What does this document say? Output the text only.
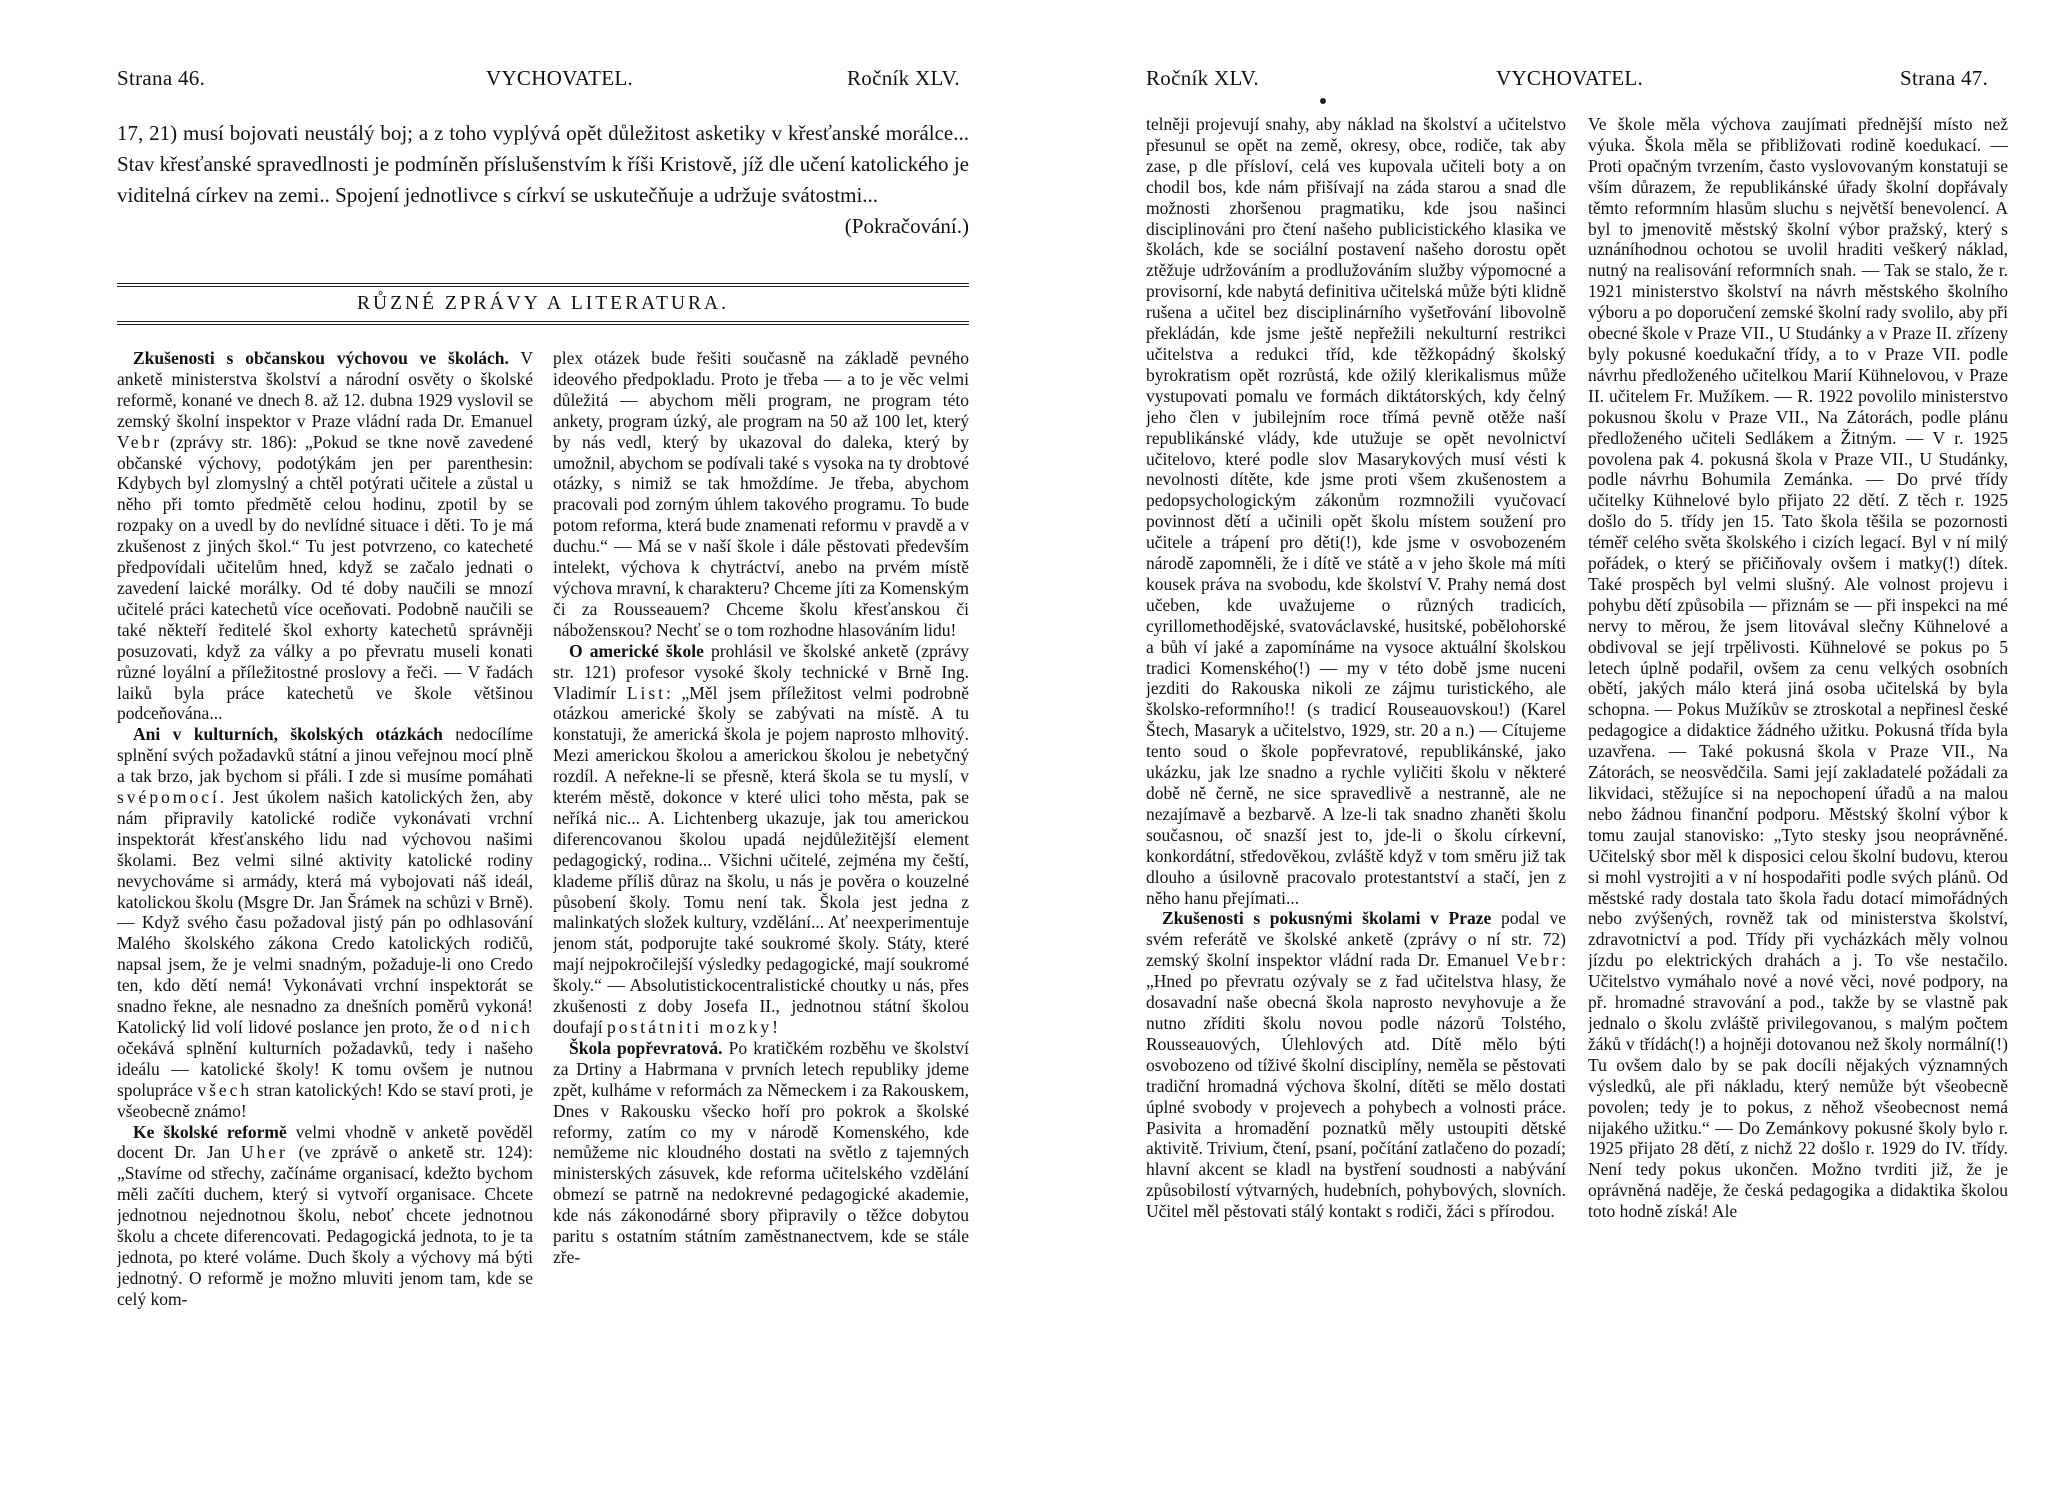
Strana 46.	VYCHOVATEL.	Ročník XLV.
17, 21) musí bojovati neustálý boj; a z toho vyplývá opět důležitost asketiky v křesťanské morálce... Stav křesťanské spravedlnosti je podmíněn příslušenstvím k říši Kristově, jíž dle učení katolického je viditelná církev na zemi.. Spojení jednotlivce s církví se uskutečňuje a udržuje svátostmi...
(Pokračování.)
RŮZNÉ ZPRÁVY A LITERATURA.

Zkušenosti s občanskou výchovou ve školách. V anketě ministerstva školství a národní osvěty o školské reformě, konané ve dnech 8. až 12. dubna 1929 vyslovil se zemský školní inspektor v Praze vládní rada Dr. Emanuel Vebr (zprávy str. 186): „Pokud se tkne nově zavedené občanské výchovy, podotýkám jen per parenthesin: Kdybych byl zlomyslný a chtěl potýrati učitele a zůstal u něho při tomto předmětě celou hodinu, zpotil by se rozpaky on a uvedl by do nevlídné situace i děti. To je má zkušenost z jiných škol.“ Tu jest potvrzeno, co katecheté předpovídali učitelům hned, když se začalo jednati o zavedení laické morálky. Od té doby naučili se mnozí učitelé práci katechetů více oceňovati. Podobně naučili se také někteří ředitelé škol exhorty katechetů správněji posuzovati, když za války a po převratu museli konati různé loyální a příležitostné proslovy a řeči. — V řadách laiků byla práce katechetů ve škole většinou podceňována...

Ani v kulturních, školských otázkách nedocílíme splnění svých požadavků státní a jinou veřejnou mocí plně a tak brzo, jak bychom si přáli. I zde si musíme pomáhati svépomocí. Jest úkolem našich katolických žen, aby nám připravily katolické rodiče vykonávati vrchní inspektorát křesťanského lidu nad výchovou našimi školami. Bez velmi silné aktivity katolické rodiny nevychováme si armády, která má vybojovati náš ideál, katolickou školu (Msgre Dr. Jan Šrámek na schůzi v Brně). — Když svého času požadoval jistý pán po odhlasování Malého školského zákona Credo katolických rodičů, napsal jsem, že je velmi snadným, požaduje-li ono Credo ten, kdo dětí nemá! Vykonávati vrchní inspektorát se snadno řekne, ale nesnadno za dnešních poměrů vykoná! Katolický lid volí lidové poslance jen proto, že od nich očekává splnění kulturních požadavků, tedy i našeho ideálu — katolické školy! K tomu ovšem je nutnou spolupráce všech stran katolických! Kdo se staví proti, je všeobecně známo!

Ke školské reformě velmi vhodně v anketě pověděl docent Dr. Jan Uher (ve zprávě o anketě str. 124): „Stavíme od střechy, začínáme organisací, kdežto bychom měli začíti duchem, který si vytvoří organisace. Chcete jednotnou nejednotnou školu, neboť chcete jednotnou školu a chcete diferencovati. Pedagogická jednota, to je ta jednota, po které voláme. Duch školy a výchovy má býti jednotný. O reformě je možno mluviti jenom tam, kde se celý kom-

plex otázek bude řešiti současně na základě pevného ideového předpokladu. Proto je třeba — a to je věc velmi důležitá — abychom měli program, ne program této ankety, program úzký, ale program na 50 až 100 let, který by nás vedl, který by ukazoval do daleka, který by umožnil, abychom se podívali také s vysoka na ty drobtové otázky, s nimiž se tak hmoždíme. Je třeba, abychom pracovali pod zorným úhlem takového programu. To bude potom reforma, která bude znamenati reformu v pravdě a v duchu.“ — Má se v naší škole i dále pěstovati především intelekt, výchova k chytráctví, anebo na prvém místě výchova mravní, k charakteru? Chceme jíti za Komenským či za Rousseauem? Chceme školu křesťanskou či nábožensкou? Nechť se o tom rozhodne hlasováním lidu!

O americké škole prohlásil ve školské anketě (zprávy str. 121) profesor vysoké školy technické v Brně Ing. Vladimír List: „Měl jsem příležitost velmi podrobně otázkou americké školy se zabývati na místě. A tu konstatuji, že americká škola je pojem naprosto mlhovitý. Mezi americkou školou a americkou školou je nebetyčný rozdíl. A neřekne-li se přesně, která škola se tu myslí, v kterém městě, dokonce v které ulici toho města, pak se neříká nic... A. Lichtenberg ukazuje, jak tou americkou diferencovanou školou upadá nejdůležitější element pedagogický, rodina... Všichni učitelé, zejména my čeští, klademe příliš důraz na školu, u nás je pověra o kouzelné působení školy. Tomu není tak. Škola jest jedna z malinkatých složek kultury, vzdělání... Ať neexperimentuje jenom stát, podporujte také soukromé školy. Státy, které mají nejpokročilejší výsledky pedagogické, mají soukromé školy.“ — Absolutistickocentralistické choutky u nás, přes zkušenosti z doby Josefa II., jednotnou státní školou doufají postátniti mozky!

Škola popřevratová. Po kratičkém rozběhu ve školství za Drtiny a Habrmana v prvních letech republiky jdeme zpět, kulháme v reformách za Německem i za Rakouskem, Dnes v Rakousku všecko hoří pro pokrok a školské reformy, zatím co my v národě Komenského, kde nemůžeme nic kloudného dostati na světlo z tajemných ministerských zásuvek, kde reforma učitelského vzdělání obmezí se patrně na nedokrevné pedagogické akademie, kde nás zákonodárné sbory připravily o těžce dobytou paritu s ostatním státním zaměstnanectvem, kde se stále zře-

Ročník XLV.	VYCHOVATEL.	Strana 47.

telněji projevují snahy, aby náklad na školství a učitelstvo přesunul se opět na země, okresy, obce, rodiče, tak aby zase, p dle přísloví, celá ves kupovala učiteli boty a on chodil bos, kde nám přišívají na záda starou a snad dle možnosti zhoršenou pragmatiku, kde jsou našinci disciplinováni pro čtení našeho publicistického klasika ve školách, kde se sociální postavení našeho dorostu opět ztěžuje udržováním a prodlužováním služby výpomocné a provisorní, kde nabytá definitiva učitelská může býti klidně rušena a učitel bez disciplinárního vyšetřování libovolně překládán, kde jsme ještě nepřežili nekulturní restrikci učitelstva a redukci tříd, kde těžkopádný školský byrokratism opět rozrůstá, kde ožilý klerikalismus může vystupovati pomalu ve formách diktátorských, kdy čelný jeho člen v jubilejním roce třímá pevně otěže naší republikánské vlády, kde utužuje se opět nevolnictví učitelovo, které podle slov Masarykových musí vésti k nevolnosti dítěte, kde jsme proti všem zkušenostem a pedopsychologickým zákonům rozmnožili vyučovací povinnost dětí a učinili opět školu místem soužení pro učitele a trápení pro děti(!), kde jsme v osvobozeném národě zapomněli, že i dítě ve státě a v jeho škole má míti kousek práva na svobodu, kde školství V. Prahy nemá dost učeben, kde uvažujeme o různých tradicích, cyrillomethodějské, svatováclavské, husitské, pobělohorské a bůh ví jaké a zapomínáme na vysoce aktuální školskou tradici Komenského(!) — my v této době jsme nuceni jezditi do Rakouska nikoli ze zájmu turistického, ale školsko-reformního!! (s tradicí Rouseauovskou!) (Karel Štech, Masaryk a učitelstvo, 1929, str. 20 a n.) — Cítujeme tento soud o škole popřevratové, republikánské, jako ukázku, jak lze snadno a rychle vyličiti školu v některé době ně černě, ne sice spravedlivě a nestranně, ale ne nezajímavě a bezbarvě. A lze-li tak snadno zhaněti školu současnou, oč snazší jest to, jde-li o školu církevní, konkordátní, středověkou, zvláště když v tom směru již tak dlouho a úsilovně pracovalo protestantství a stačí, jen z něho hanu přejímati...

Zkušenosti s pokusnými školami v Praze podal ve svém referátě ve školské anketě (zprávy o ní str. 72) zemský školní inspektor vládní rada Dr. Emanuel Vebr: „Hned po převratu ozývaly se z řad učitelstva hlasy, že dosavadní naše obecná škola naprosto nevyhovuje a že nutno zříditi školu novou podle názorů Tolstého, Rousseauových, Úlehlových atd. Dítě mělo býti osvobozeno od tíživé školní disciplíny, neměla se pěstovati tradiční hromadná výchova školní, dítěti se mělo dostati úplné svobody v projevech a pohybech a volnosti práce. Pasivita a hromadění poznatků měly ustoupiti dětské aktivitě. Trivium, čtení, psaní, počítání zatlačeno do pozadí; hlavní akcent se kladl na bystření soudnosti a nabývání způsobilostí výtvarných, hudebních, pohybových, slovních. Učitel měl pěstovati stálý kontakt s rodiči, žáci s přírodou.

Ve škole měla výchova zaujímati přednější místo než výuka. Škola měla se přibližovati rodině koedukací. — Proti opačným tvrzením, často vyslovovaným konstatuji se vším důrazem, že republikánské úřady školní dopřávaly těmto reformním hlasům sluchu s největší benevolencí. A byl to jmenovitě městský školní výbor pražský, který s uznáníhodnou ochotou se uvolil hraditi veškerý náklad, nutný na realisování reformních snah. — Tak se stalo, že r. 1921 ministerstvo školství na návrh městského školního výboru a po doporučení zemské školní rady svolilo, aby při obecné škole v Praze VII., U Studánky a v Praze II. zřízeny byly pokusné koedukační třídy, a to v Praze VII. podle návrhu předloženého učitelkou Marií Kühnelovou, v Praze II. učitelem Fr. Mužíkem. — R. 1922 povolilo ministerstvo pokusnou školu v Praze VII., Na Zátorách, podle plánu předloženého učiteli Sedlákem a Žitným. — V r. 1925 povolena pak 4. pokusná škola v Praze VII., U Studánky, podle návrhu Bohumila Zemánka. — Do prvé třídy učitelky Kühnelové bylo přijato 22 dětí. Z těch r. 1925 došlo do 5. třídy jen 15. Tato škola těšila se pozornosti téměř celého světa školského i cizích legací. Byl v ní milý pořádek, o který se přičiňovaly ovšem i matky(!) dítek. Také prospěch byl velmi slušný. Ale volnost projevu i pohybu dětí způsobila — přiznám se — při inspekci na mé nervy to měrou, že jsem litovával slečny Kühnelové a obdivoval se její trpělivosti. Kühnelové se pokus po 5 letech úplně podařil, ovšem za cenu velkých osobních obětí, jakých málo která jiná osoba učitelská by byla schopna. — Pokus Mužíkův se ztroskotal a nepřinesl české pedagogice a didaktice žádného užitku. Pokusná třída byla uzavřena. — Také pokusná škola v Praze VII., Na Zátorách, se neosvědčila. Sami její zakladatelé požádali za likvidaci, stěžujíce si na nepochopení úřadů a na malou nebo žádnou finanční podporu. Městský školní výbor k tomu zaujal stanovisko: „Tyto stesky jsou neoprávněné. Učitelský sbor měl k disposici celou školní budovu, kterou si mohl vystrojiti a v ní hospodařiti podle svých plánů. Od městské rady dostala tato škola řadu dotací mimořádných nebo zvýšených, rovněž tak od ministerstva školství, zdravotnictví a pod. Třídy při vycházkách měly volnou jízdu po elektrických drahách a j. To vše nestačilo. Učitelstvo vymáhalo nové a nové věci, nové podpory, na př. hromadné stravování a pod., takže by se vlastně pak jednalo o školu zvláště privilegovanou, s malým počtem žáků v třídách(!) a hojněji dotovanou než školy normální(!) Tu ovšem dalo by se pak docíli nějakých významných výsledků, ale při nákladu, který nemůže být všeobecně povolen; tedy je to pokus, z něhož všeobecnost nemá nijakého užitku.“ — Do Zemánkovy pokusné školy bylo r. 1925 přijato 28 dětí, z nichž 22 došlo r. 1929 do IV. třídy. Není tedy pokus ukončen. Možno tvrditi již, že je oprávněná naděje, že česká pedagogika a didaktika školou toto hodně získá! Ale
